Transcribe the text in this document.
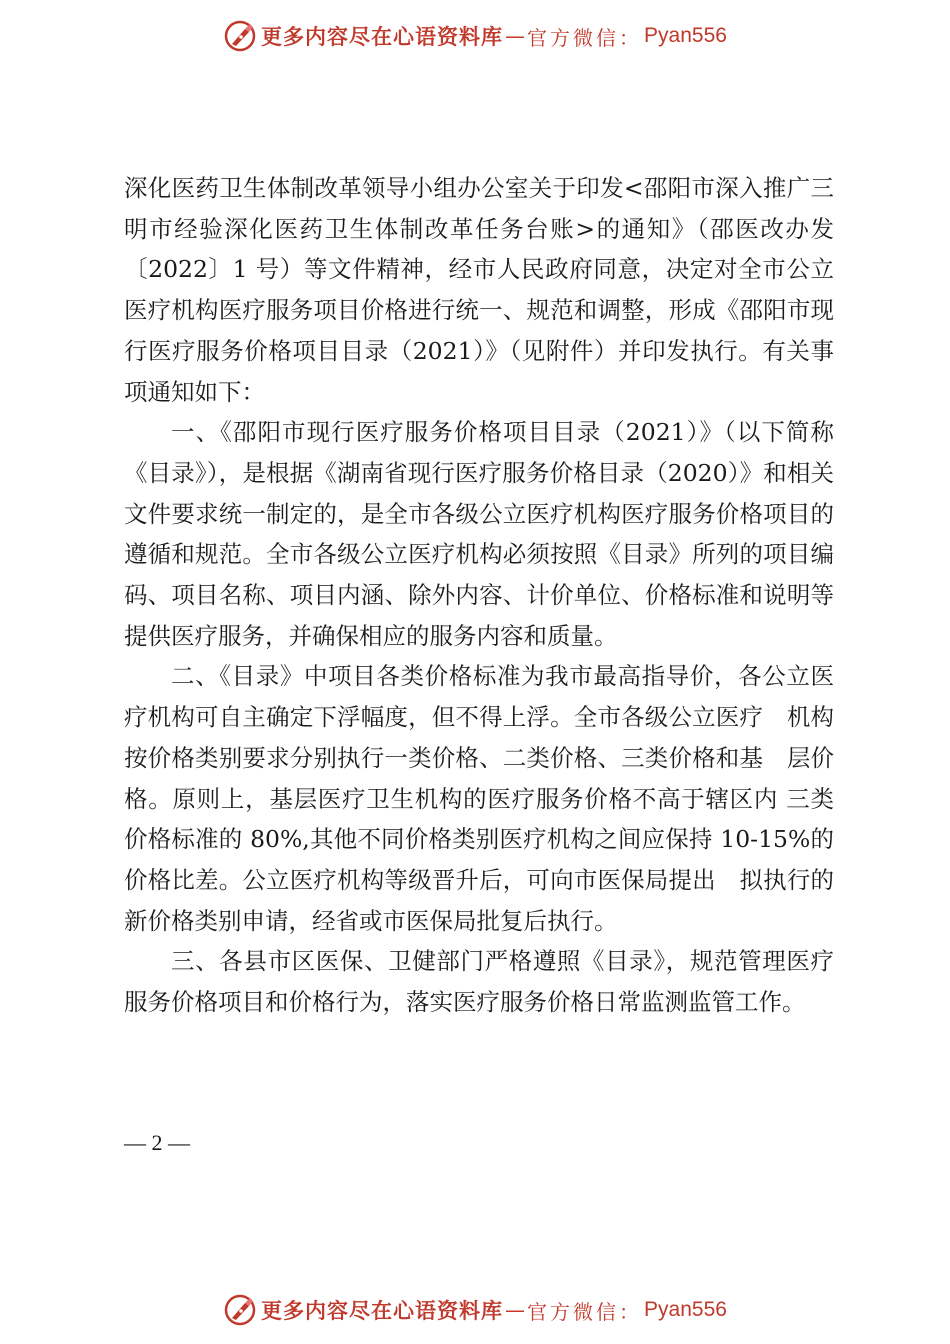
更多内容尽在心语资料库 — 官方微信： Pyan556

深化医药卫生体制改革领导小组办公室关于印发<邵阳市深入推广三明市经验深化医药卫生体制改革任务台账>的通知》（邵医改办发〔2022〕1 号）等文件精神，经市人民政府同意，决定对全市公立医疗机构医疗服务项目价格进行统一、规范和调整，形成《邵阳市现行医疗服务价格项目目录（2021）》（见附件）并印发执行。有关事项通知如下：

一、《邵阳市现行医疗服务价格项目目录（2021）》（以下简称《目录》），是根据《湖南省现行医疗服务价格目录（2020）》和相关文件要求统一制定的，是全市各级公立医疗机构医疗服务价格项目的遵循和规范。全市各级公立医疗机构必须按照《目录》所列的项目编码、项目名称、项目内涵、除外内容、计价单位、价格标准和说明等提供医疗服务，并确保相应的服务内容和质量。

二、《目录》中项目各类价格标准为我市最高指导价，各公立医疗机构可自主确定下浮幅度，但不得上浮。全市各级公立医疗　机构按价格类别要求分别执行一类价格、二类价格、三类价格和基　层价格。原则上，基层医疗卫生机构的医疗服务价格不高于辖区内 三类价格标准的 80%,其他不同价格类别医疗机构之间应保持 10-15%的价格比差。公立医疗机构等级晋升后，可向市医保局提出　拟执行的新价格类别申请，经省或市医保局批复后执行。

三、各县市区医保、卫健部门严格遵照《目录》，规范管理医疗服务价格项目和价格行为，落实医疗服务价格日常监测监管工作。

— 2 —
更多内容尽在心语资料库 — 官方微信： Pyan556
